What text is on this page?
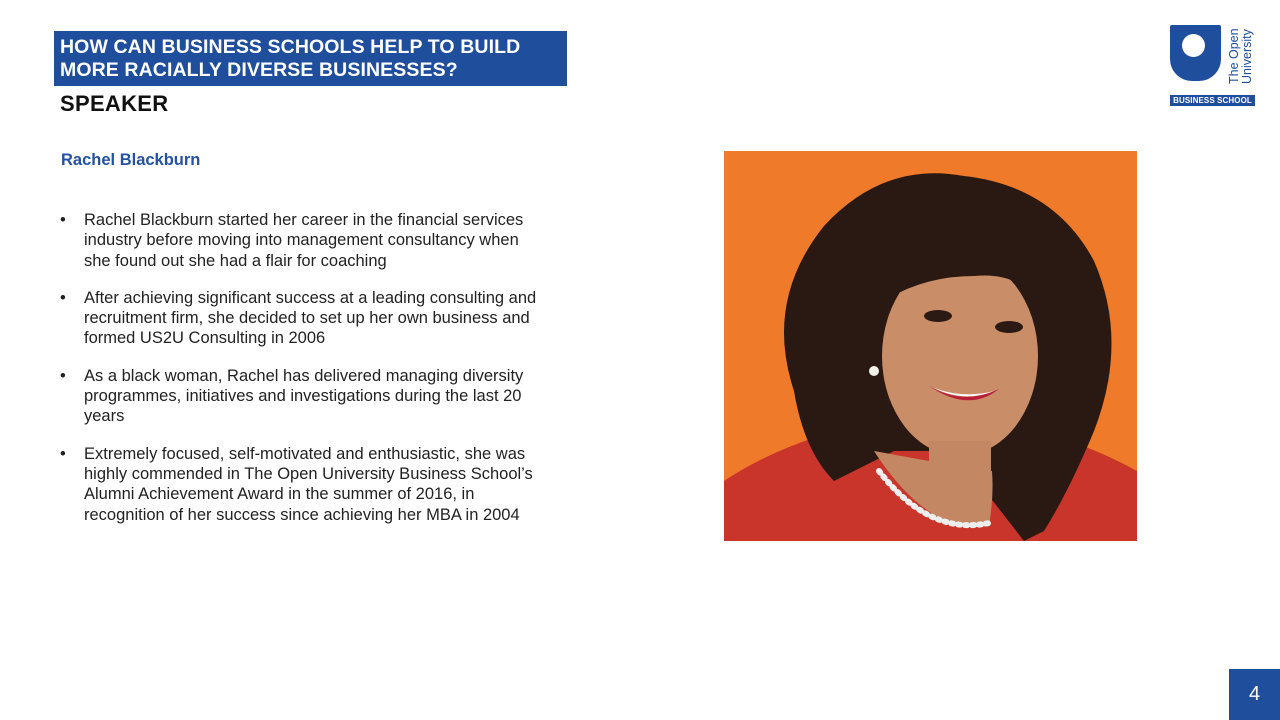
HOW CAN BUSINESS SCHOOLS HELP TO BUILD
MORE RACIALLY DIVERSE BUSINESSES?
SPEAKER
Rachel Blackburn
• Rachel Blackburn started her career in the financial services industry before moving into management consultancy when she found out she had a flair for coaching
• After achieving significant success at a leading consulting and recruitment firm, she decided to set up her own business and formed US2U Consulting in 2006
• As a black woman, Rachel has delivered managing diversity programmes, initiatives and investigations during the last 20 years
• Extremely focused, self-motivated and enthusiastic, she was highly commended in The Open University Business School’s Alumni Achievement Award in the summer of 2016, in recognition of her success since achieving her MBA in 2004
The Open University
BUSINESS SCHOOL
4
